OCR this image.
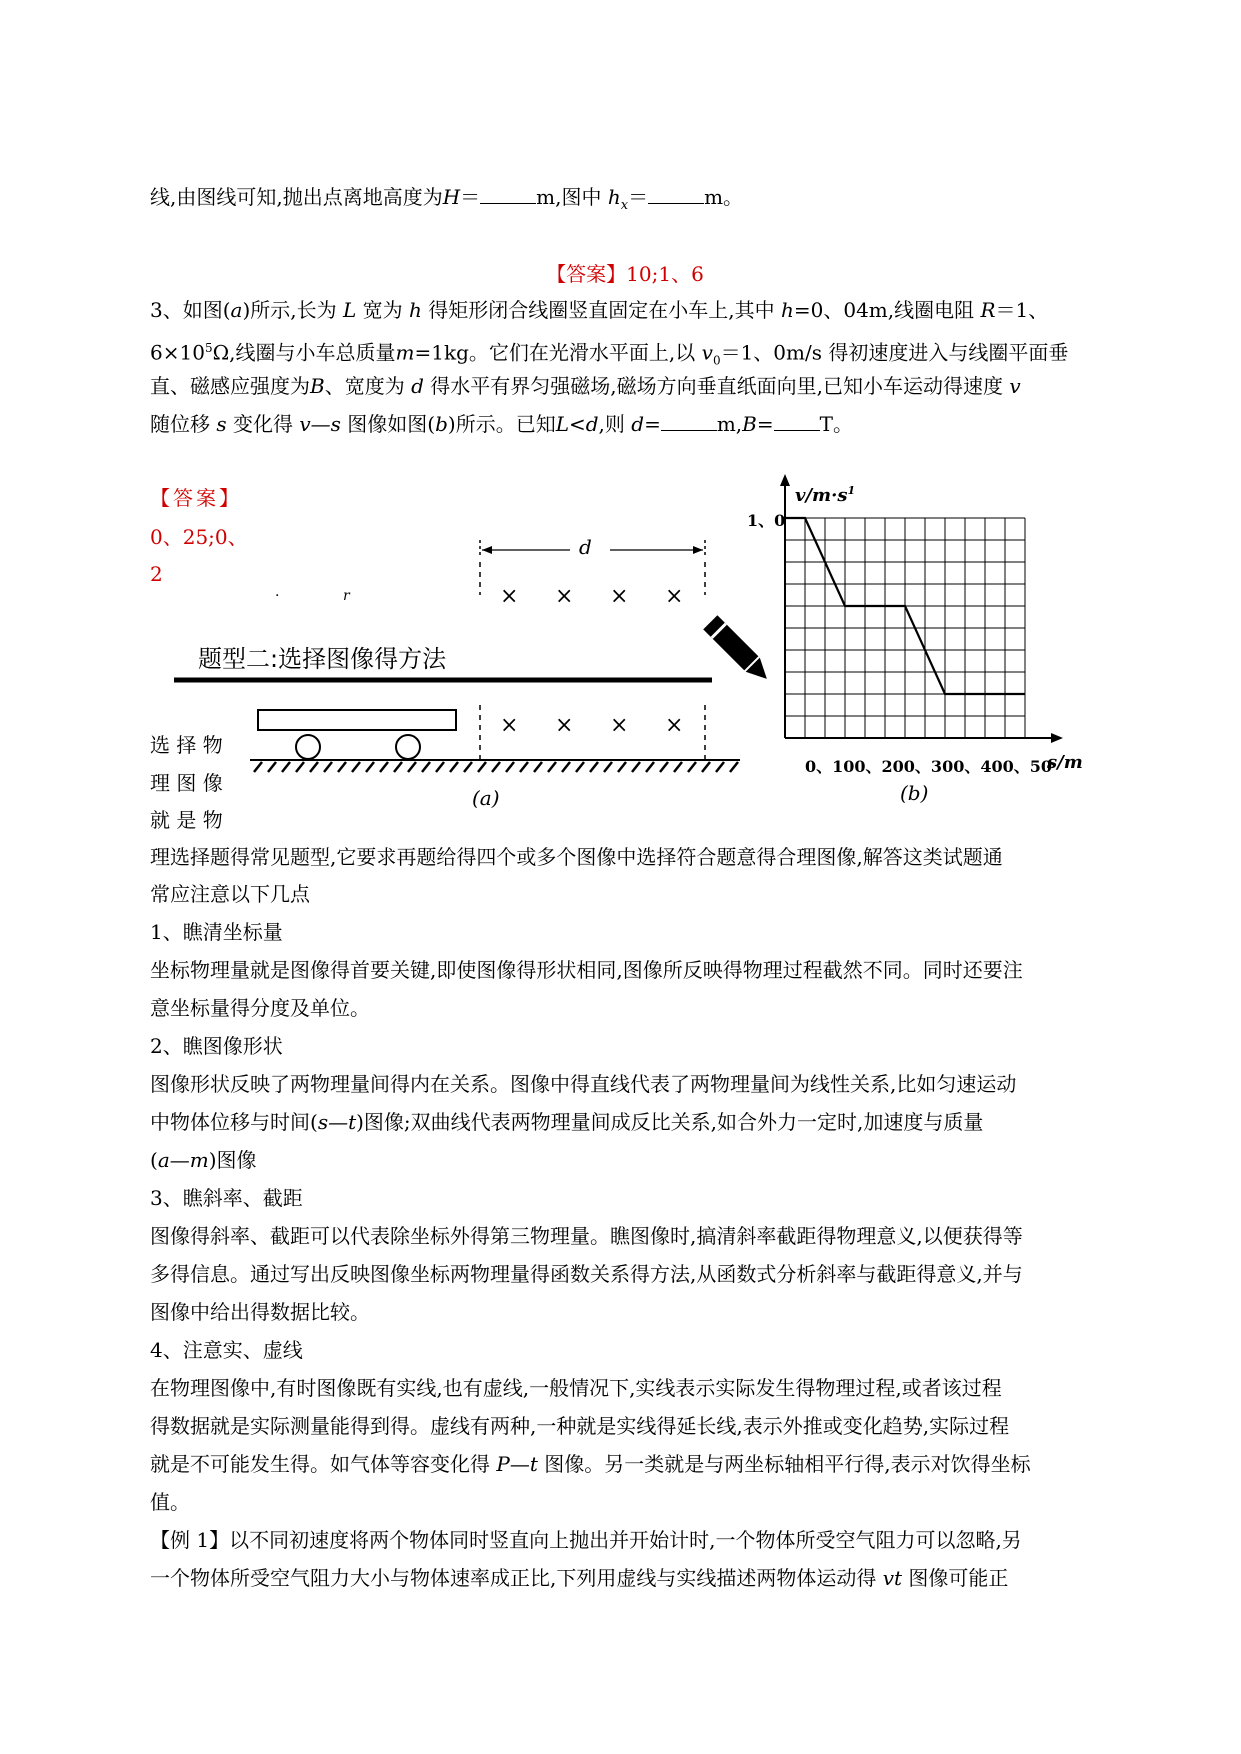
线,由图线可知,抛出点离地高度为H＝	m,图中 $h_x=$	m。
【答案】10;1、6
3、如图(a)所示,长为 L 宽为 h 得矩形闭合线圈竖直固定在小车上,其中 h=0、04m,线圈电阻 R＝1、
$6\times 10^5\Omega$,线圈与小车总质量m=1kg。它们在光滑水平面上,以 $v_0=1$、0m/s 得初速度进入与线圈平面垂
直、磁感应强度为B、宽度为 d 得水平有界匀强磁场,磁场方向垂直纸面向里,已知小车运动得速度 v
随位移 s 变化得 v—s 图像如图(b)所示。已知L<d,则 d=	m,B= T。
【答案】
0、25;0、
2
d
× × × ×
× × × ×
·	r
(a)
题型二:选择图像得方法
$v/m\cdot s^1$
1、0
0、100、200、300、400、50
s/m
(b)
选 择 物
理 图 像
就 是 物
理选择题得常见题型,它要求再题给得四个或多个图像中选择符合题意得合理图像,解答这类试题通
常应注意以下几点
1、瞧清坐标量
坐标物理量就是图像得首要关键,即使图像得形状相同,图像所反映得物理过程截然不同。同时还要注
意坐标量得分度及单位。
2、瞧图像形状
图像形状反映了两物理量间得内在关系。图像中得直线代表了两物理量间为线性关系,比如匀速运动
中物体位移与时间(s—t)图像;双曲线代表两物理量间成反比关系,如合外力一定时,加速度与质量
(a—m)图像
3、瞧斜率、截距
图像得斜率、截距可以代表除坐标外得第三物理量。瞧图像时,搞清斜率截距得物理意义,以便获得等
多得信息。通过写出反映图像坐标两物理量得函数关系得方法,从函数式分析斜率与截距得意义,并与
图像中给出得数据比较。
4、注意实、虚线
在物理图像中,有时图像既有实线,也有虚线,一般情况下,实线表示实际发生得物理过程,或者该过程
得数据就是实际测量能得到得。虚线有两种,一种就是实线得延长线,表示外推或变化趋势,实际过程
就是不可能发生得。如气体等容变化得 P—t 图像。另一类就是与两坐标轴相平行得,表示对饮得坐标
值。
【例 1】以不同初速度将两个物体同时竖直向上抛出并开始计时,一个物体所受空气阻力可以忽略,另
一个物体所受空气阻力大小与物体速率成正比,下列用虚线与实线描述两物体运动得 vt 图像可能正
